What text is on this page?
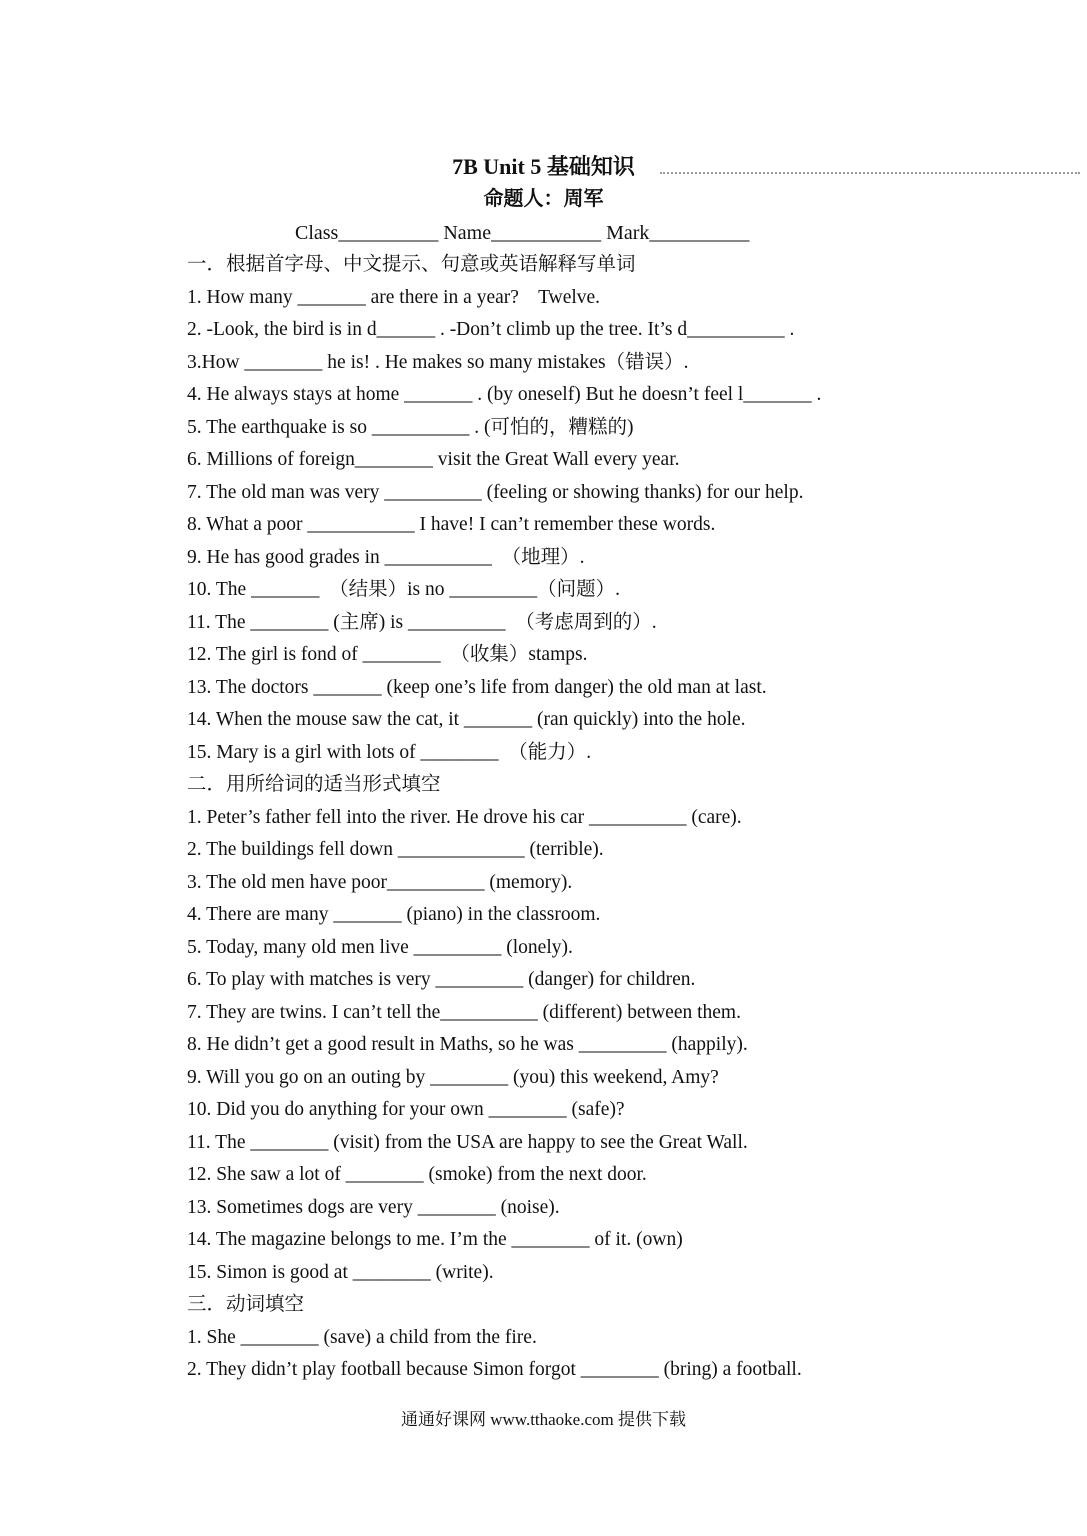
7B Unit 5 基础知识
命题人：周军
Class__________ Name___________ Mark__________
一．根据首字母、中文提示、句意或英语解释写单词
1. How many _______ are there in a year?    Twelve.
2. -Look, the bird is in d______ . -Don’t climb up the tree. It’s d__________ .
3.How ________ he is! . He makes so many mistakes（错误）.
4. He always stays at home _______ . (by oneself) But he doesn’t feel l_______ .
5. The earthquake is so __________ . (可怕的，糟糕的)
6. Millions of foreign________ visit the Great Wall every year.
7. The old man was very __________ (feeling or showing thanks) for our help.
8. What a poor ___________ I have! I can’t remember these words.
9. He has good grades in ___________  （地理）.
10. The _______  （结果）is no _________（问题）.
11. The ________ (主席) is __________  （考虑周到的）.
12. The girl is fond of ________  （收集）stamps.
13. The doctors _______ (keep one’s life from danger) the old man at last.
14. When the mouse saw the cat, it _______ (ran quickly) into the hole.
15. Mary is a girl with lots of ________  （能力）.
二．用所给词的适当形式填空
1. Peter’s father fell into the river. He drove his car __________ (care).
2. The buildings fell down _____________ (terrible).
3. The old men have poor__________ (memory).
4. There are many _______ (piano) in the classroom.
5. Today, many old men live _________ (lonely).
6. To play with matches is very _________ (danger) for children.
7. They are twins. I can’t tell the__________ (different) between them.
8. He didn’t get a good result in Maths, so he was _________ (happily).
9. Will you go on an outing by ________ (you) this weekend, Amy?
10. Did you do anything for your own ________ (safe)?
11. The ________ (visit) from the USA are happy to see the Great Wall.
12. She saw a lot of ________ (smoke) from the next door.
13. Sometimes dogs are very ________ (noise).
14. The magazine belongs to me. I’m the ________ of it. (own)
15. Simon is good at ________ (write).
三．动词填空
1. She ________ (save) a child from the fire.
2. They didn’t play football because Simon forgot ________ (bring) a football.
通通好课网 www.tthaoke.com 提供下载
